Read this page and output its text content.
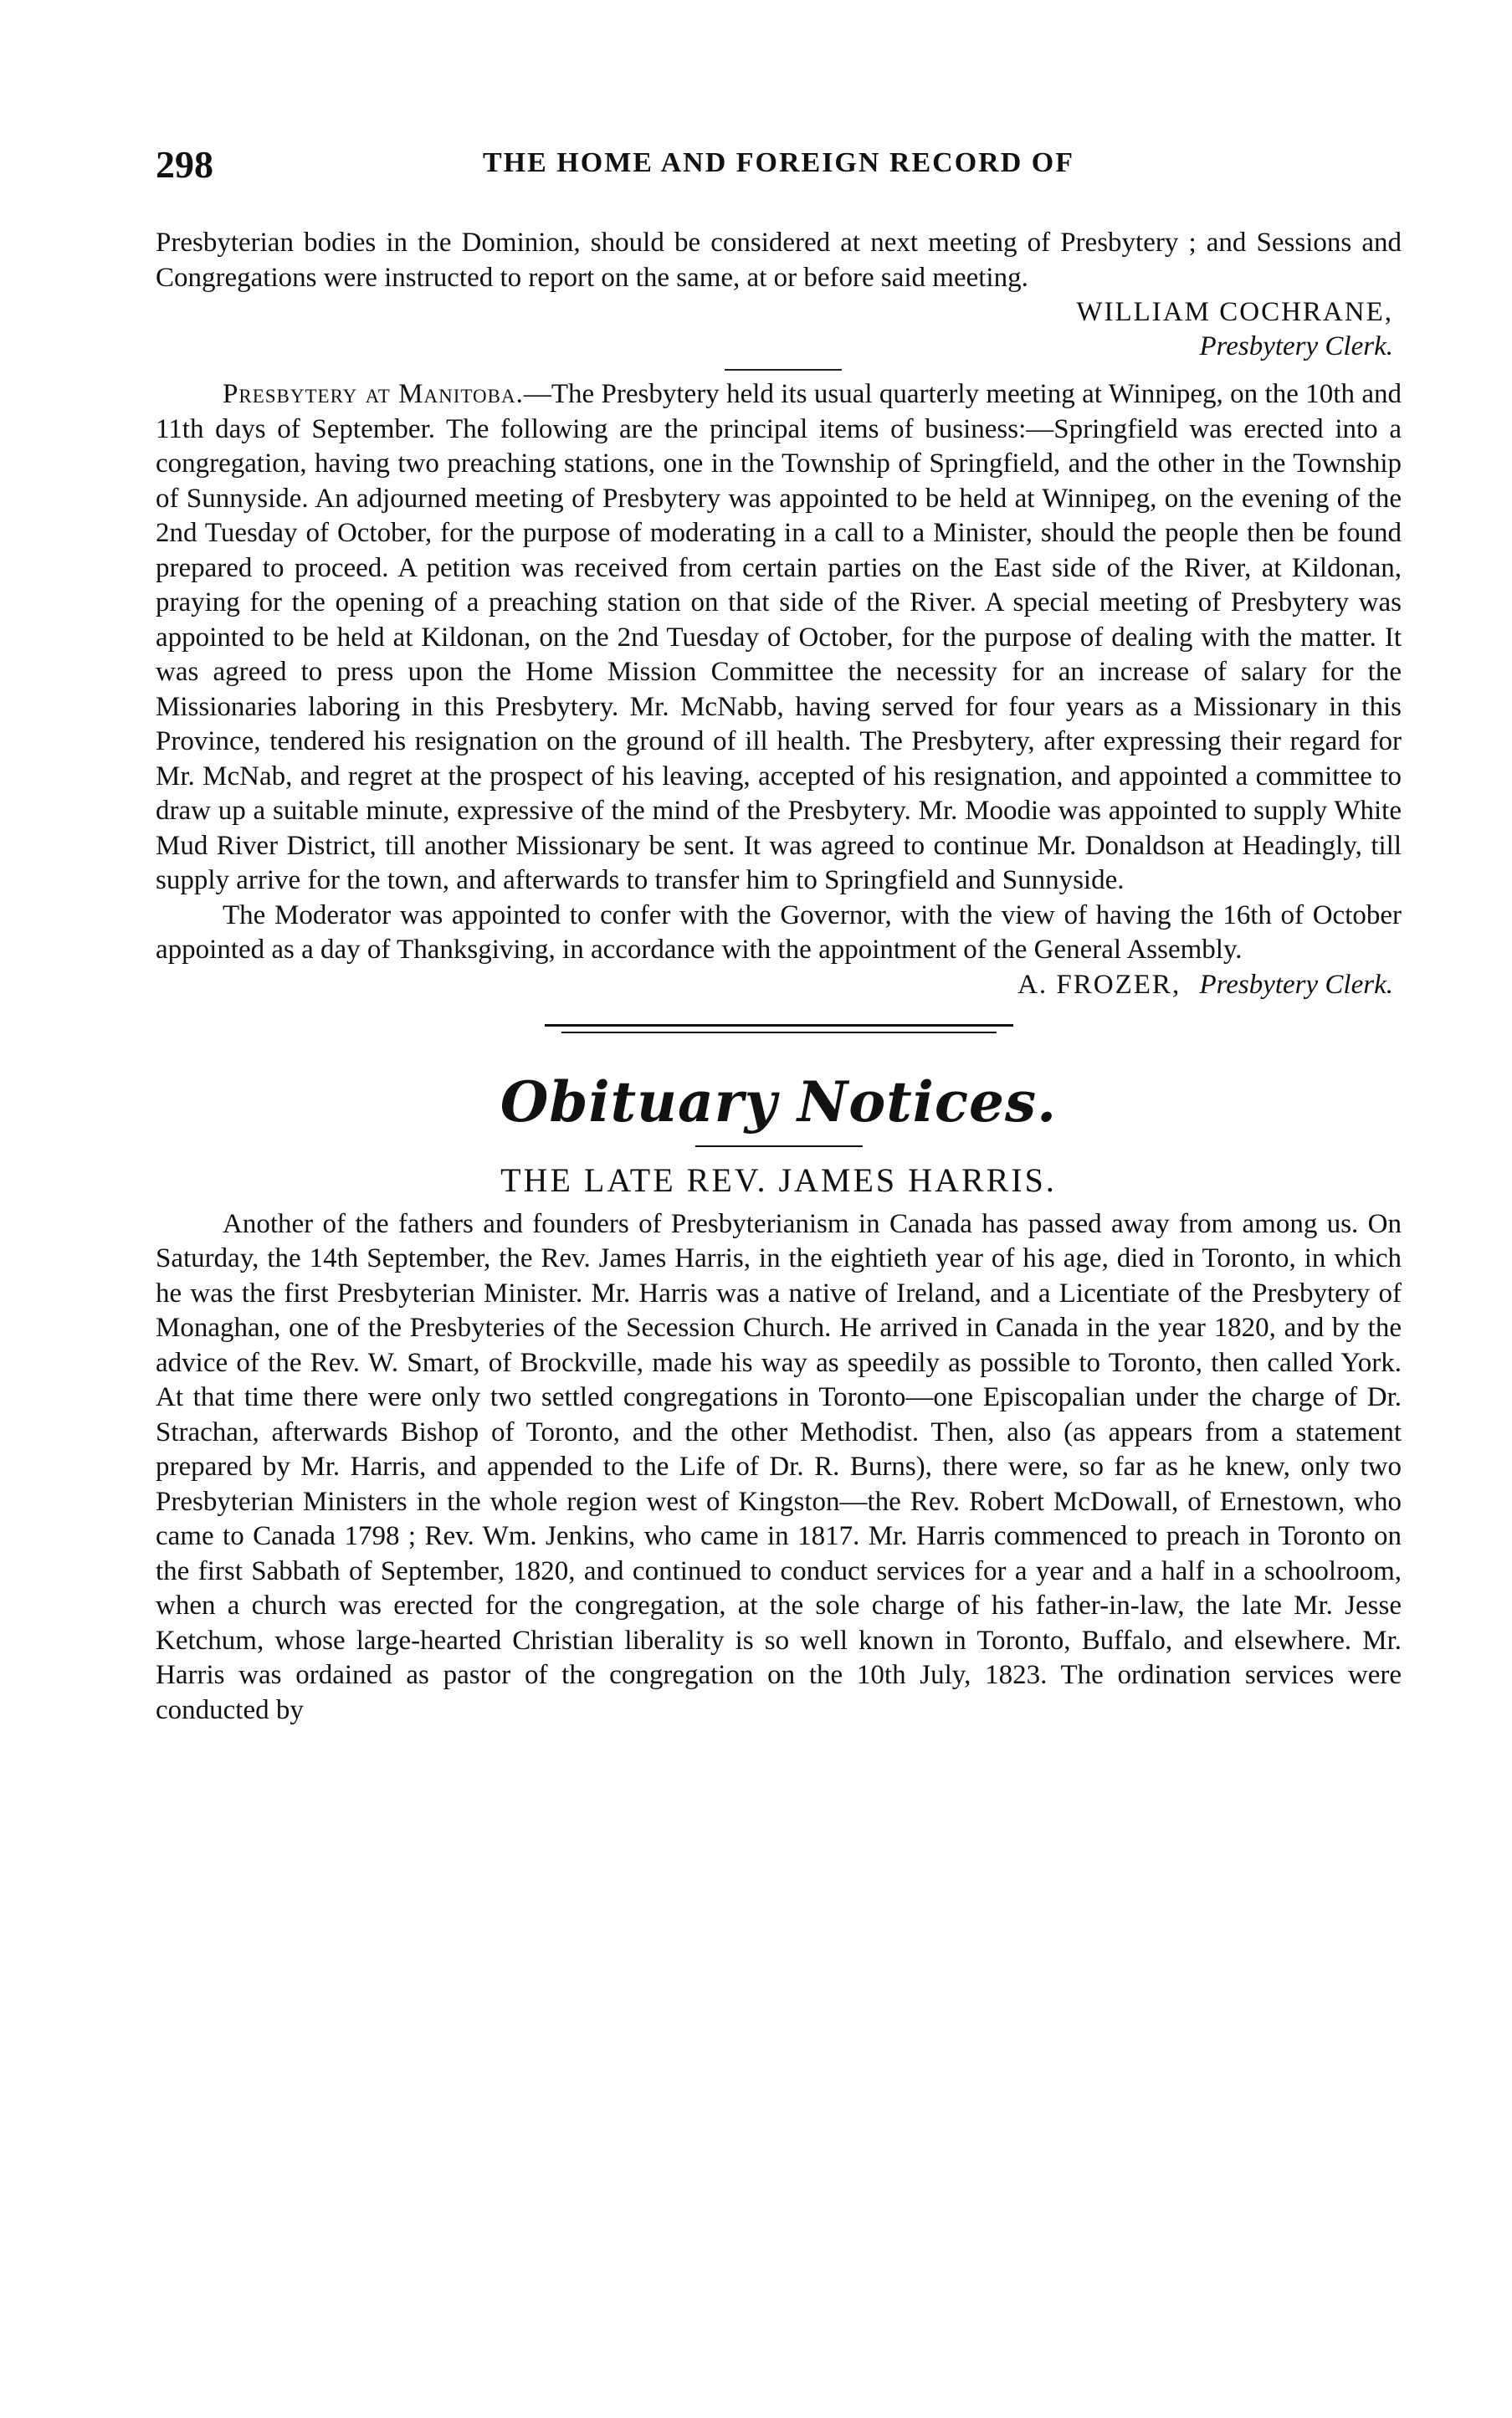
298	THE HOME AND FOREIGN RECORD OF

Presbyterian bodies in the Dominion, should be considered at next meeting of Presbytery ; and Sessions and Congregations were instructed to report on the same, at or before said meeting.

WILLIAM COCHRANE,
Presbytery Clerk.

Presbytery at Manitoba.—The Presbytery held its usual quarterly meeting at Winnipeg, on the 10th and 11th days of September. The following are the principal items of business:—Springfield was erected into a congregation, having two preaching stations, one in the Township of Springfield, and the other in the Township of Sunnyside. An adjourned meeting of Presbytery was appointed to be held at Winnipeg, on the evening of the 2nd Tuesday of October, for the purpose of moderating in a call to a Minister, should the people then be found prepared to proceed. A petition was received from certain parties on the East side of the River, at Kildonan, praying for the opening of a preaching station on that side of the River. A special meeting of Presbytery was appointed to be held at Kildonan, on the 2nd Tuesday of October, for the purpose of dealing with the matter. It was agreed to press upon the Home Mission Committee the necessity for an increase of salary for the Missionaries laboring in this Presbytery. Mr. McNabb, having served for four years as a Missionary in this Province, tendered his resignation on the ground of ill health. The Presbytery, after expressing their regard for Mr. McNab, and regret at the prospect of his leaving, accepted of his resignation, and appointed a committee to draw up a suitable minute, expressive of the mind of the Presbytery. Mr. Moodie was appointed to supply White Mud River District, till another Missionary be sent. It was agreed to continue Mr. Donaldson at Headingly, till supply arrive for the town, and afterwards to transfer him to Springfield and Sunnyside.

The Moderator was appointed to confer with the Governor, with the view of having the 16th of October appointed as a day of Thanksgiving, in accordance with the appointment of the General Assembly.

A. FROZER, Presbytery Clerk.
Obituary Notices.
THE LATE REV. JAMES HARRIS.

Another of the fathers and founders of Presbyterianism in Canada has passed away from among us. On Saturday, the 14th September, the Rev. James Harris, in the eightieth year of his age, died in Toronto, in which he was the first Presbyterian Minister. Mr. Harris was a native of Ireland, and a Licentiate of the Presbytery of Monaghan, one of the Presbyteries of the Secession Church. He arrived in Canada in the year 1820, and by the advice of the Rev. W. Smart, of Brockville, made his way as speedily as possible to Toronto, then called York. At that time there were only two settled congregations in Toronto—one Episcopalian under the charge of Dr. Strachan, afterwards Bishop of Toronto, and the other Methodist. Then, also (as appears from a statement prepared by Mr. Harris, and appended to the Life of Dr. R. Burns), there were, so far as he knew, only two Presbyterian Ministers in the whole region west of Kingston—the Rev. Robert McDowall, of Ernestown, who came to Canada 1798 ; Rev. Wm. Jenkins, who came in 1817. Mr. Harris commenced to preach in Toronto on the first Sabbath of September, 1820, and continued to conduct services for a year and a half in a schoolroom, when a church was erected for the congregation, at the sole charge of his father-in-law, the late Mr. Jesse Ketchum, whose large-hearted Christian liberality is so well known in Toronto, Buffalo, and elsewhere. Mr. Harris was ordained as pastor of the congregation on the 10th July, 1823. The ordination services were conducted by
